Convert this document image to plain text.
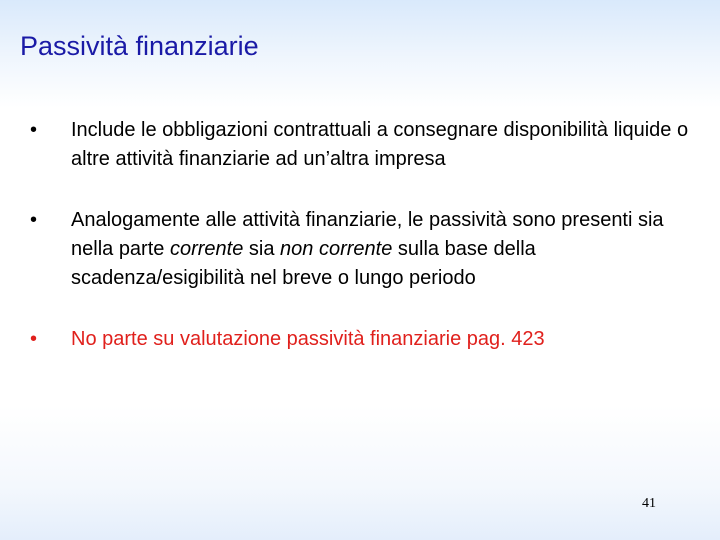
Passività finanziarie
• Include le obbligazioni contrattuali a consegnare disponibilità liquide o altre attività finanziarie ad un’altra impresa
• Analogamente alle attività finanziarie, le passività sono presenti sia nella parte corrente sia non corrente sulla base della scadenza/esigibilità nel breve o lungo periodo
• No parte su valutazione passività finanziarie pag. 423
41
